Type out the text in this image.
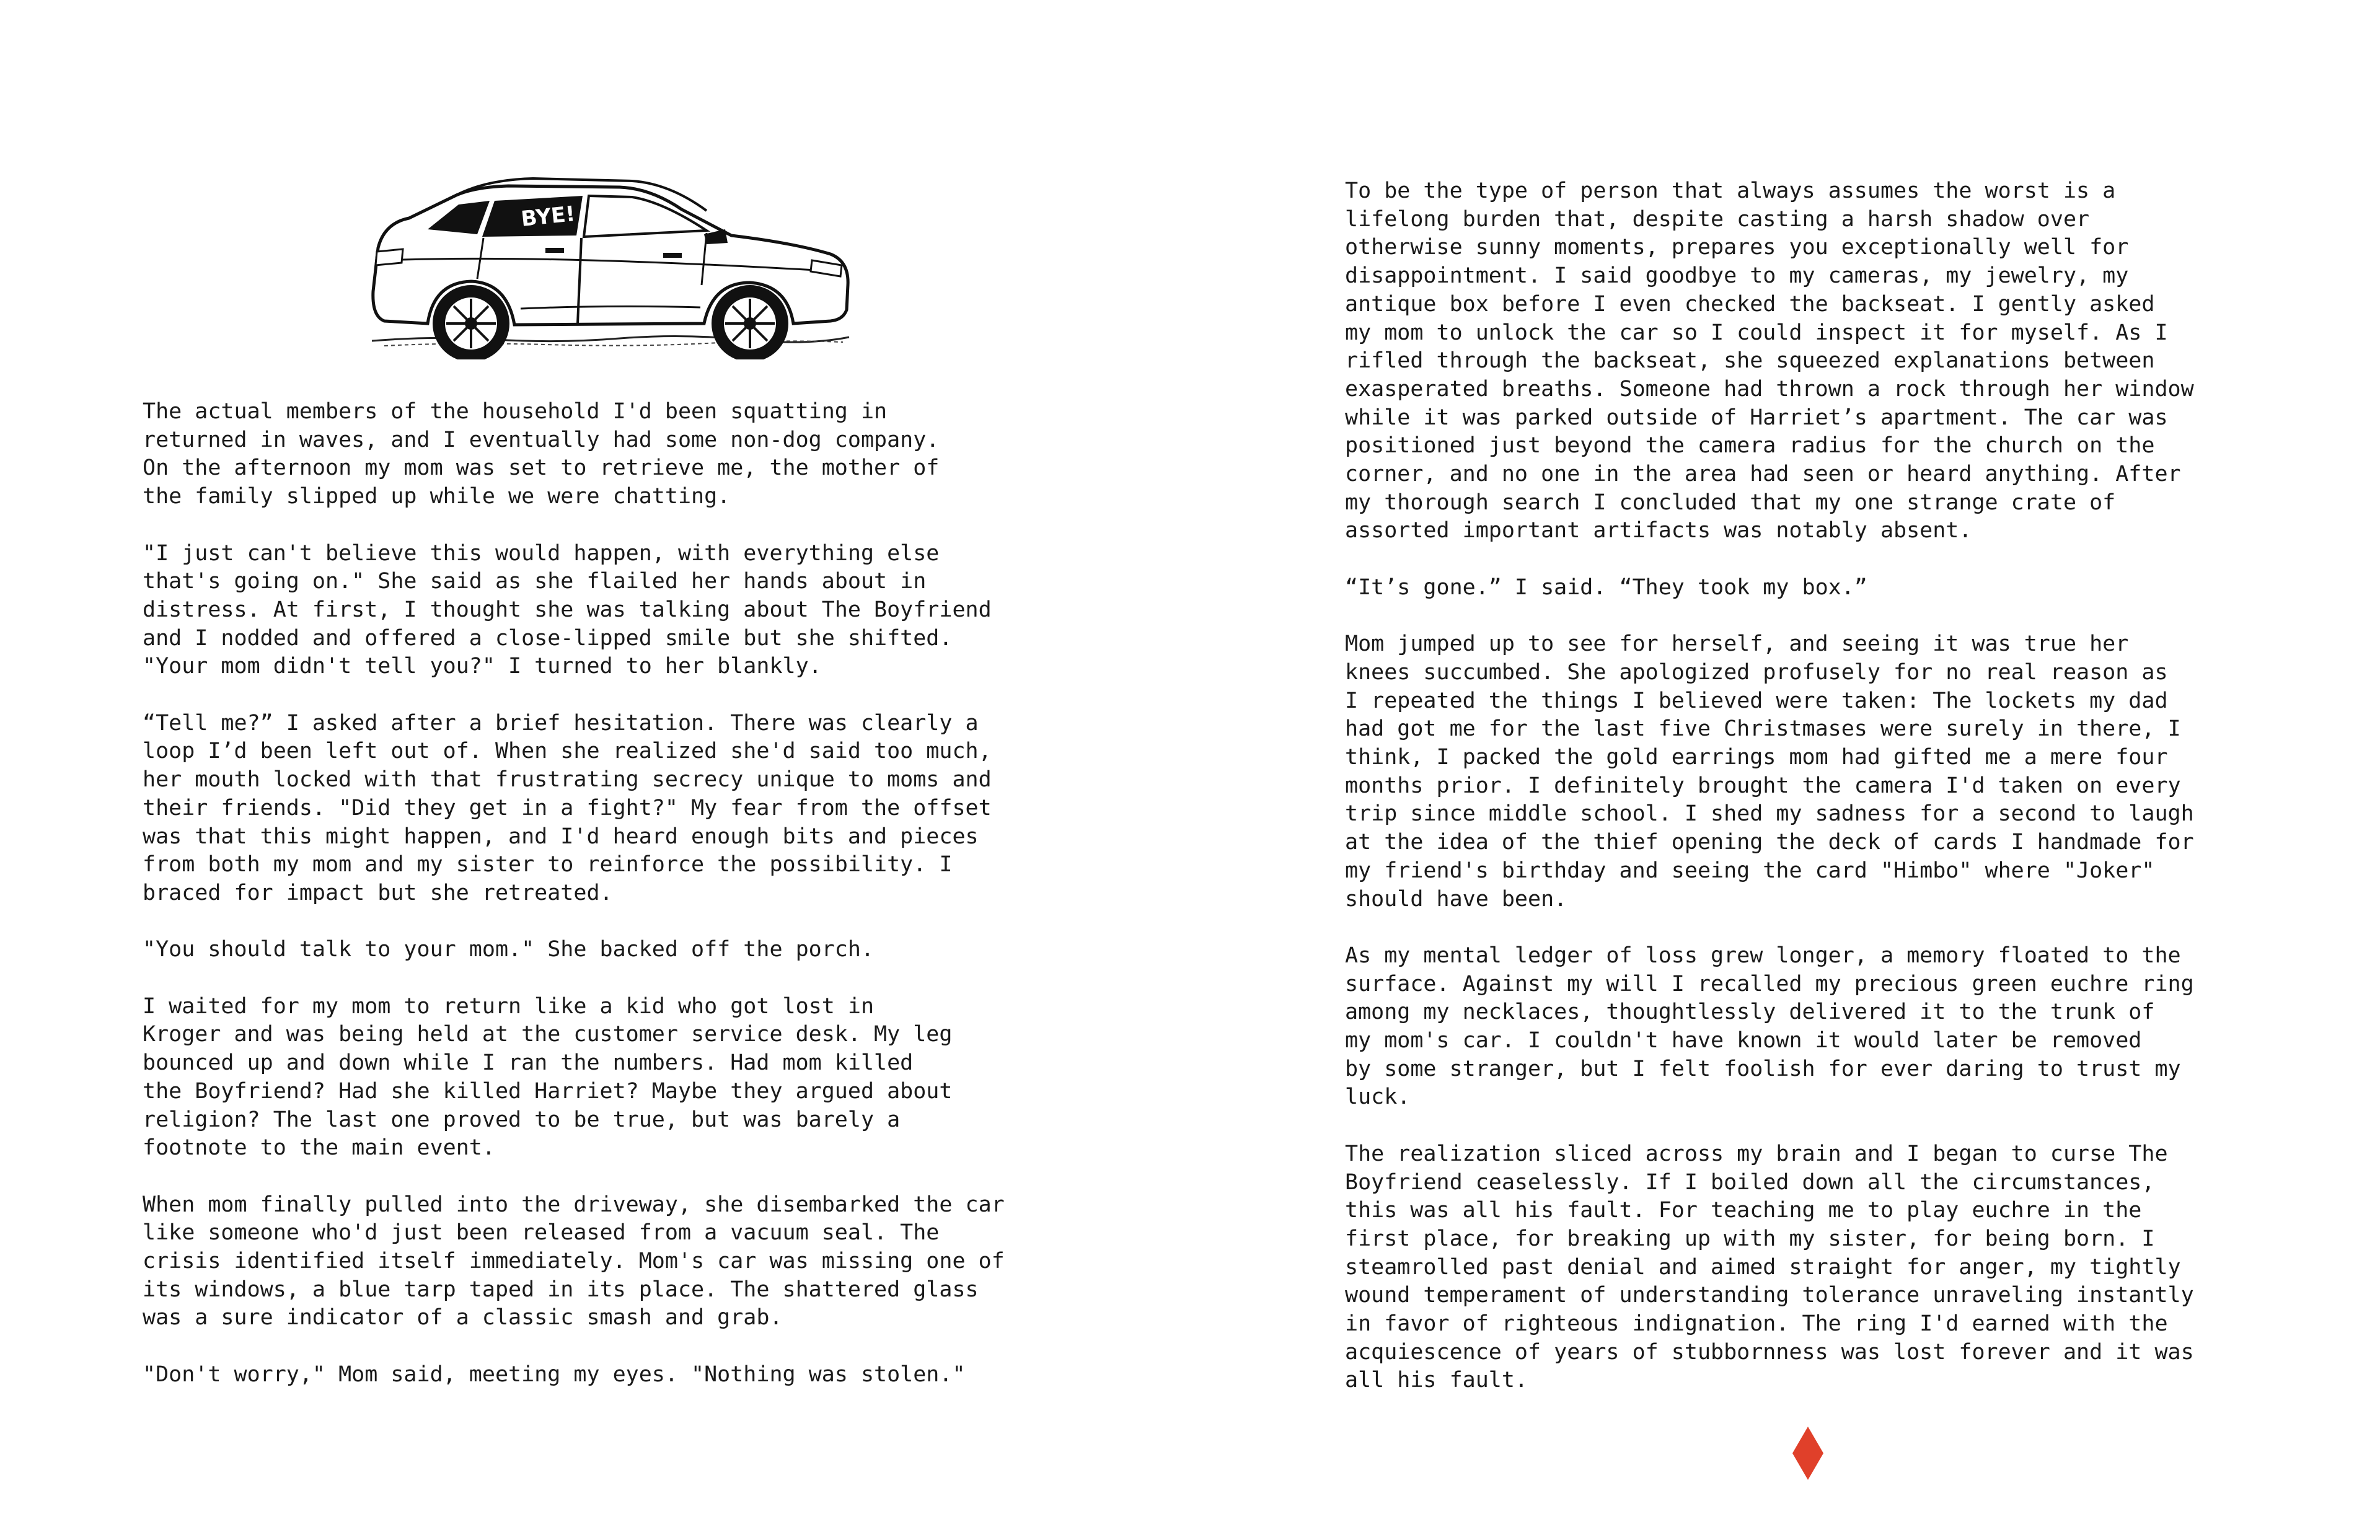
BYE!
The actual members of the household I'd been squatting in
returned in waves, and I eventually had some non-dog company.
On the afternoon my mom was set to retrieve me, the mother of
the family slipped up while we were chatting.
"I just can't believe this would happen, with everything else
that's going on." She said as she flailed her hands about in
distress. At first, I thought she was talking about The Boyfriend
and I nodded and offered a close-lipped smile but she shifted.
"Your mom didn't tell you?" I turned to her blankly.
“Tell me?” I asked after a brief hesitation. There was clearly a
loop I’d been left out of. When she realized she'd said too much,
her mouth locked with that frustrating secrecy unique to moms and
their friends. "Did they get in a fight?" My fear from the offset
was that this might happen, and I'd heard enough bits and pieces
from both my mom and my sister to reinforce the possibility. I
braced for impact but she retreated.
"You should talk to your mom." She backed off the porch.
I waited for my mom to return like a kid who got lost in
Kroger and was being held at the customer service desk. My leg
bounced up and down while I ran the numbers. Had mom killed
the Boyfriend? Had she killed Harriet? Maybe they argued about
religion? The last one proved to be true, but was barely a
footnote to the main event.
When mom finally pulled into the driveway, she disembarked the car
like someone who'd just been released from a vacuum seal. The
crisis identified itself immediately. Mom's car was missing one of
its windows, a blue tarp taped in its place. The shattered glass
was a sure indicator of a classic smash and grab.
"Don't worry," Mom said, meeting my eyes. "Nothing was stolen."
To be the type of person that always assumes the worst is a
lifelong burden that, despite casting a harsh shadow over
otherwise sunny moments, prepares you exceptionally well for
disappointment. I said goodbye to my cameras, my jewelry, my
antique box before I even checked the backseat. I gently asked
my mom to unlock the car so I could inspect it for myself. As I
rifled through the backseat, she squeezed explanations between
exasperated breaths. Someone had thrown a rock through her window
while it was parked outside of Harriet’s apartment. The car was
positioned just beyond the camera radius for the church on the
corner, and no one in the area had seen or heard anything. After
my thorough search I concluded that my one strange crate of
assorted important artifacts was notably absent.
“It’s gone.” I said. “They took my box.”
Mom jumped up to see for herself, and seeing it was true her
knees succumbed. She apologized profusely for no real reason as
I repeated the things I believed were taken: The lockets my dad
had got me for the last five Christmases were surely in there, I
think, I packed the gold earrings mom had gifted me a mere four
months prior. I definitely brought the camera I'd taken on every
trip since middle school. I shed my sadness for a second to laugh
at the idea of the thief opening the deck of cards I handmade for
my friend's birthday and seeing the card "Himbo" where "Joker"
should have been.
As my mental ledger of loss grew longer, a memory floated to the
surface. Against my will I recalled my precious green euchre ring
among my necklaces, thoughtlessly delivered it to the trunk of
my mom's car. I couldn't have known it would later be removed
by some stranger, but I felt foolish for ever daring to trust my
luck.
The realization sliced across my brain and I began to curse The
Boyfriend ceaselessly. If I boiled down all the circumstances,
this was all his fault. For teaching me to play euchre in the
first place, for breaking up with my sister, for being born. I
steamrolled past denial and aimed straight for anger, my tightly
wound temperament of understanding tolerance unraveling instantly
in favor of righteous indignation. The ring I'd earned with the
acquiescence of years of stubbornness was lost forever and it was
all his fault.
